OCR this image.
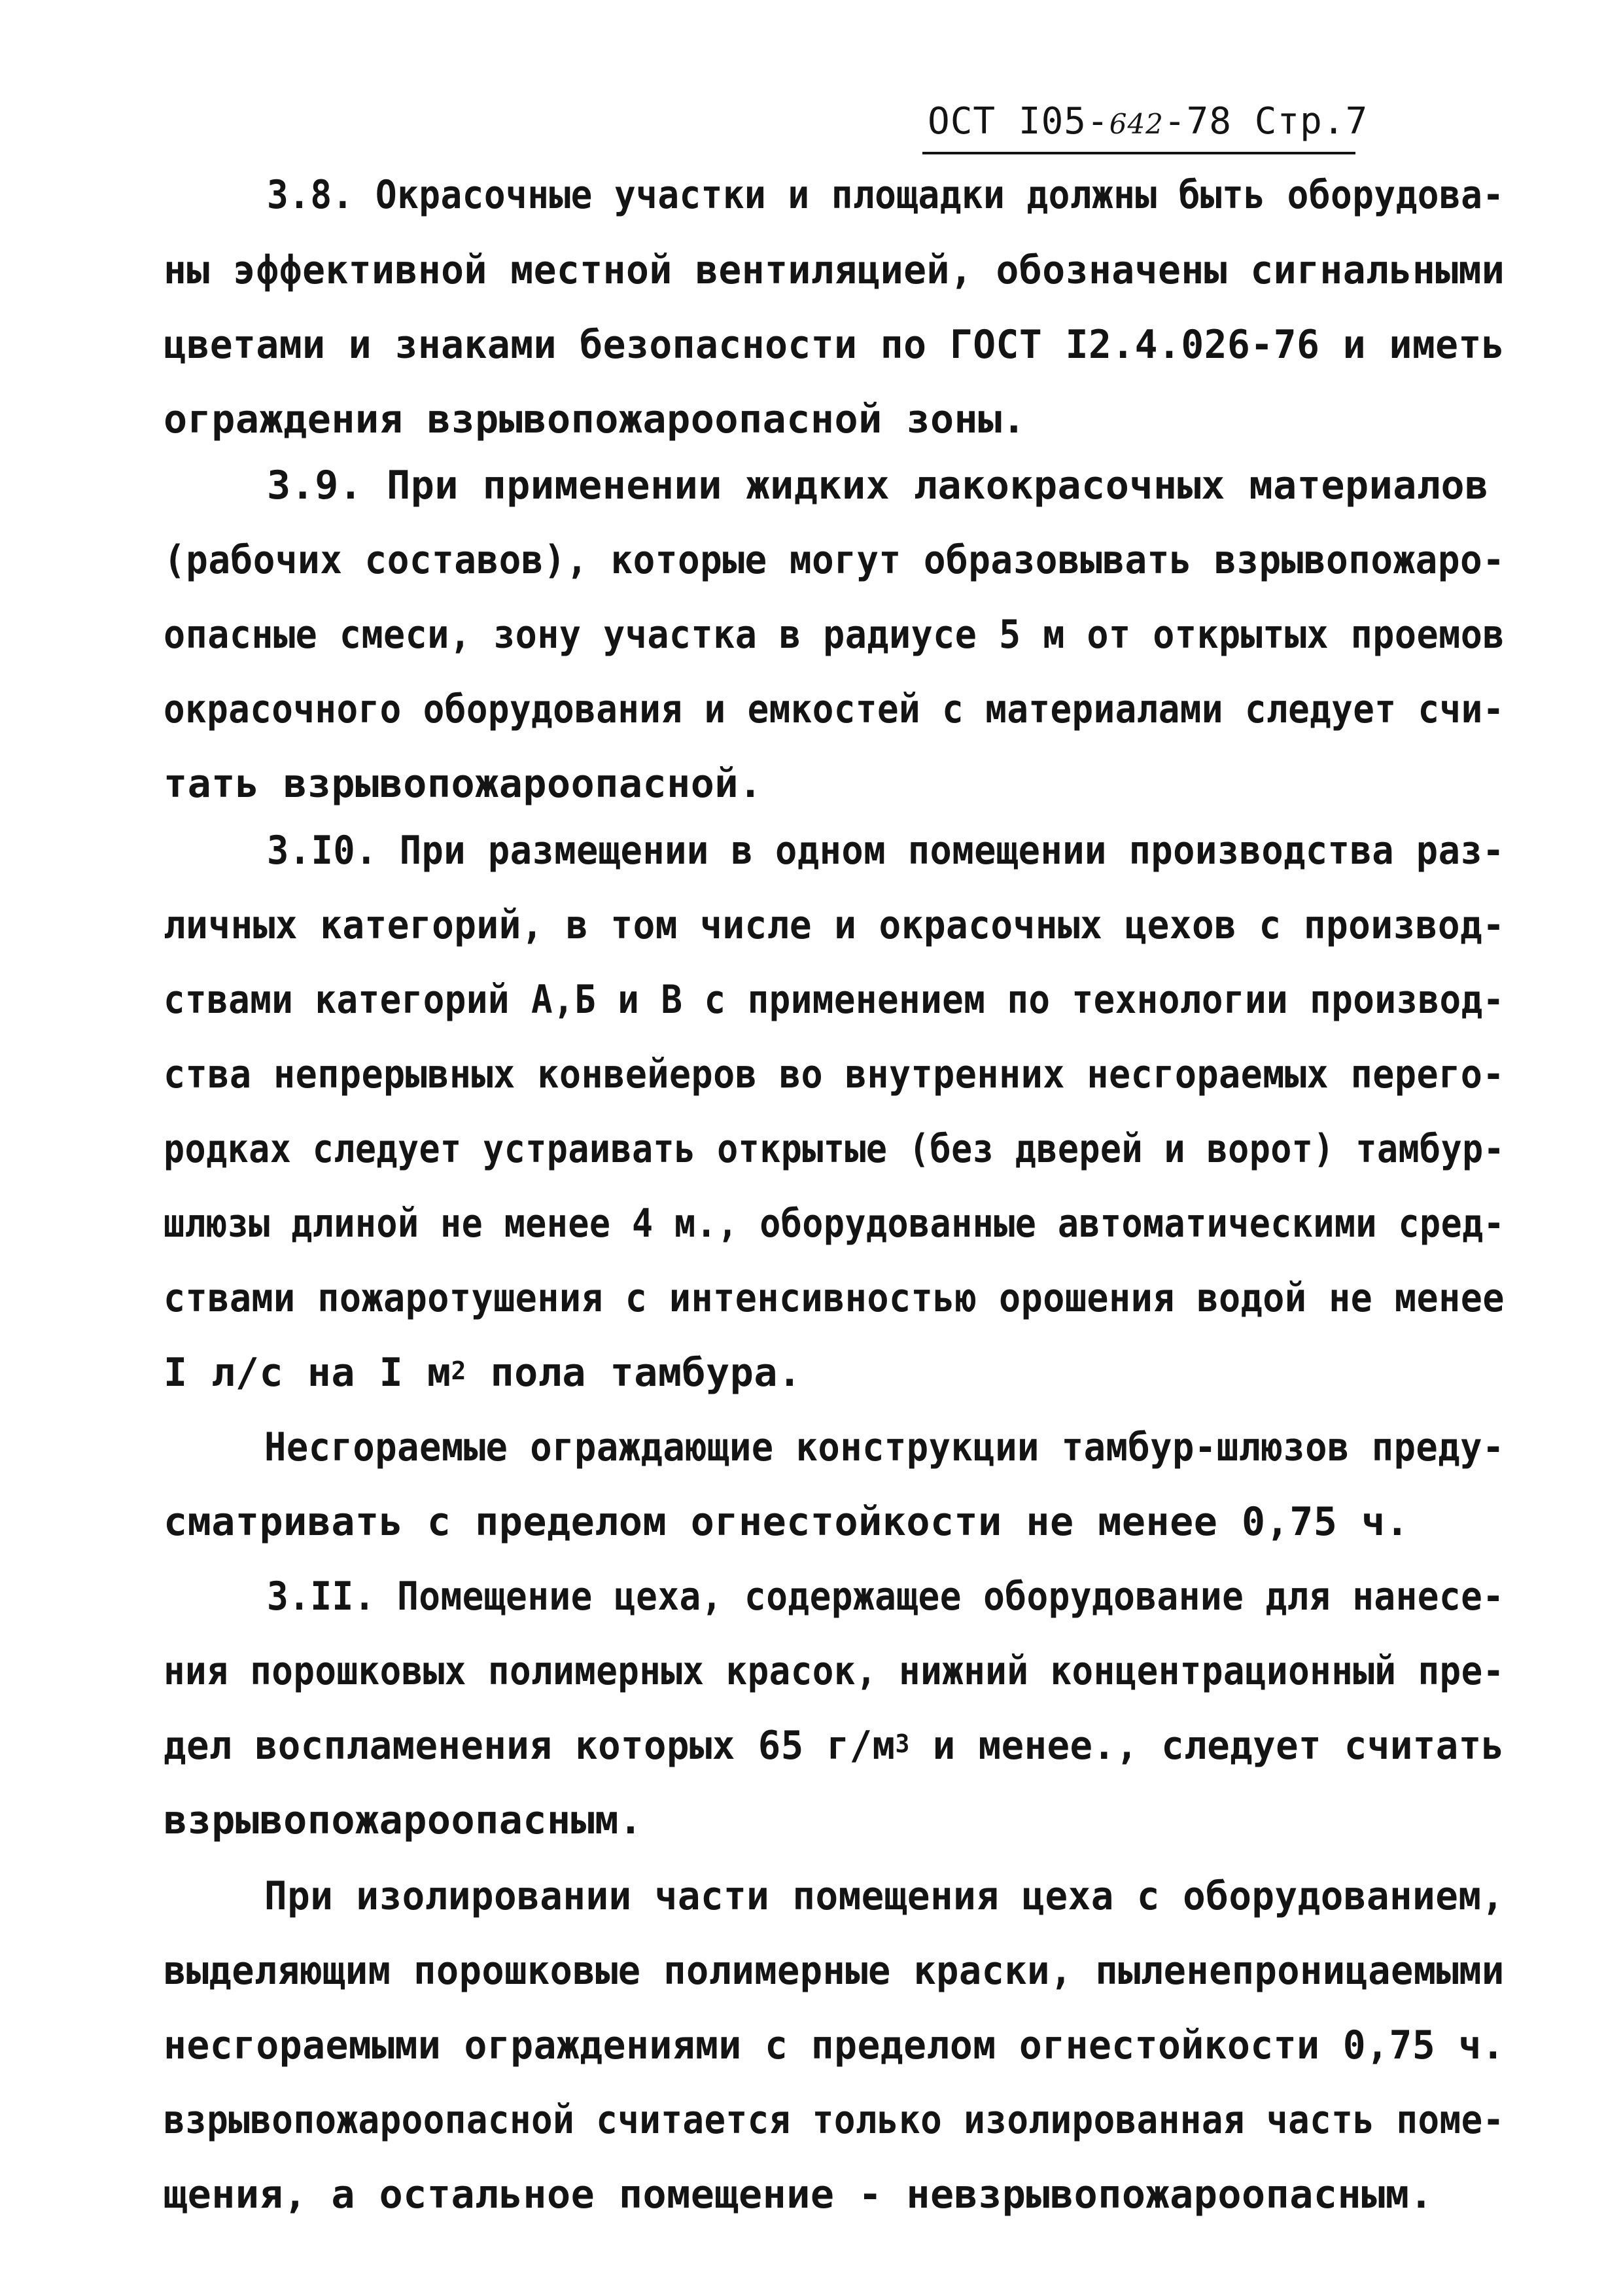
ОСТ I05-642-78 Стр.7
3.8. Окрасочные участки и площадки должны быть оборудова-
ны эффективной местной вентиляцией, обозначены сигнальными
цветами и знаками безопасности по ГОСТ I2.4.026-76 и иметь
ограждения взрывопожароопасной зоны.
3.9. При применении жидких лакокрасочных материалов
(рабочих составов), которые могут образовывать взрывопожаро-
опасные смеси, зону участка в радиусе 5 м от открытых проемов
окрасочного оборудования и емкостей с материалами следует счи-
тать взрывопожароопасной.
3.I0. При размещении в одном помещении производства раз-
личных категорий, в том числе и окрасочных цехов с производ-
ствами категорий А,Б и В с применением по технологии производ-
ства непрерывных конвейеров во внутренних несгораемых перего-
родках следует устраивать открытые (без дверей и ворот) тамбур-
шлюзы длиной не менее 4 м., оборудованные автоматическими сред-
ствами пожаротушения с интенсивностью орошения водой не менее
I л/с на I $м^2$ пола тамбура.
Несгораемые ограждающие конструкции тамбур-шлюзов преду-
сматривать с пределом огнестойкости не менее 0,75 ч.
3.II. Помещение цеха, содержащее оборудование для нанесе-
ния порошковых полимерных красок, нижний концентрационный пре-
дел воспламенения которых 65 $г/м^3$ и менее., следует считать
взрывопожароопасным.
При изолировании части помещения цеха с оборудованием,
выделяющим порошковые полимерные краски, пыленепроницаемыми
несгораемыми ограждениями с пределом огнестойкости 0,75 ч.
взрывопожароопасной считается только изолированная часть поме-
щения, а остальное помещение - невзрывопожароопасным.
